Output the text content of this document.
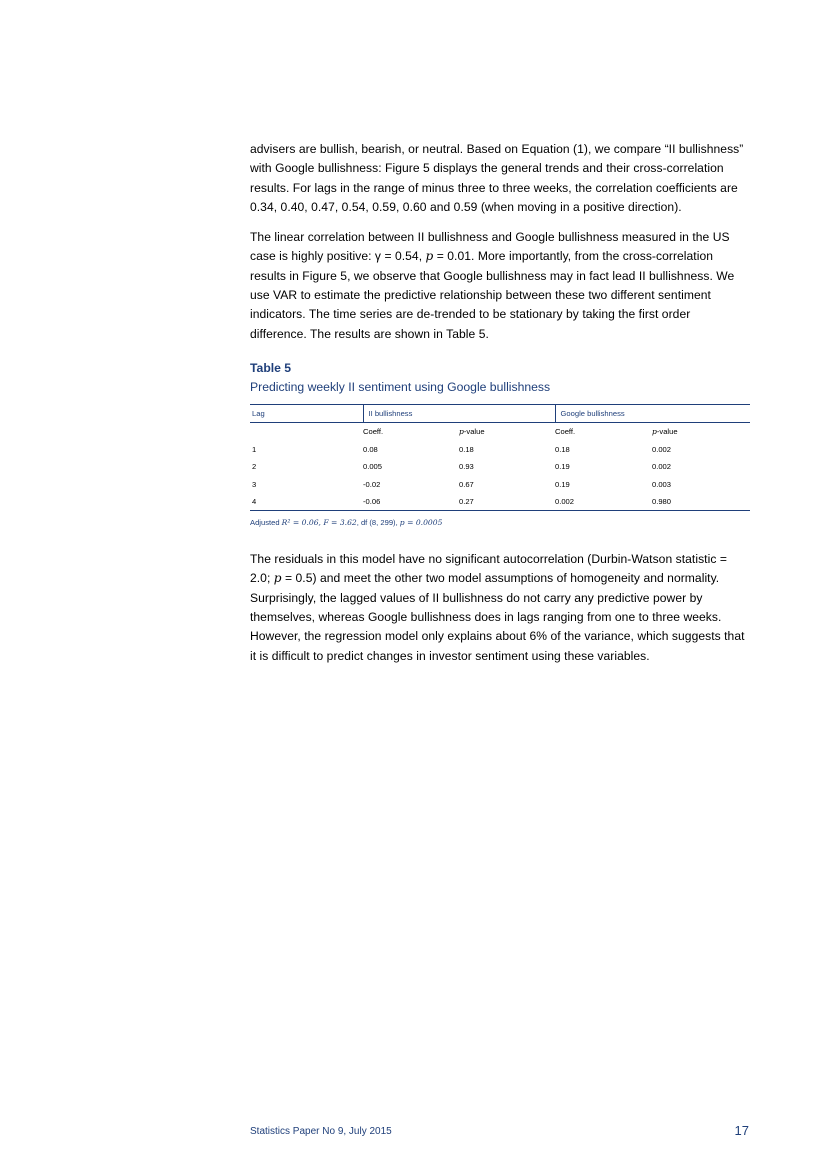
advisers are bullish, bearish, or neutral. Based on Equation (1), we compare “II bullishness” with Google bullishness: Figure 5 displays the general trends and their cross-correlation results. For lags in the range of minus three to three weeks, the correlation coefficients are 0.34, 0.40, 0.47, 0.54, 0.59, 0.60 and 0.59 (when moving in a positive direction).

The linear correlation between II bullishness and Google bullishness measured in the US case is highly positive: γ = 0.54, p = 0.01. More importantly, from the cross-correlation results in Figure 5, we observe that Google bullishness may in fact lead II bullishness. We use VAR to estimate the predictive relationship between these two different sentiment indicators. The time series are de-trended to be stationary by taking the first order difference. The results are shown in Table 5.

Table 5
Predicting weekly II sentiment using Google bullishness
Lag	II bullishness		Google bullishness	
	Coeff.	p-value	Coeff.	p-value
1	0.08	0.18	0.18	0.002
2	0.005	0.93	0.19	0.002
3	-0.02	0.67	0.19	0.003
4	-0.06	0.27	0.002	0.980
Adjusted R² = 0.06, F = 3.62, df (8, 299), p = 0.0005

The residuals in this model have no significant autocorrelation (Durbin-Watson statistic = 2.0; p = 0.5) and meet the other two model assumptions of homogeneity and normality. Surprisingly, the lagged values of II bullishness do not carry any predictive power by themselves, whereas Google bullishness does in lags ranging from one to three weeks. However, the regression model only explains about 6% of the variance, which suggests that it is difficult to predict changes in investor sentiment using these variables.

Statistics Paper No 9, July 2015	17
